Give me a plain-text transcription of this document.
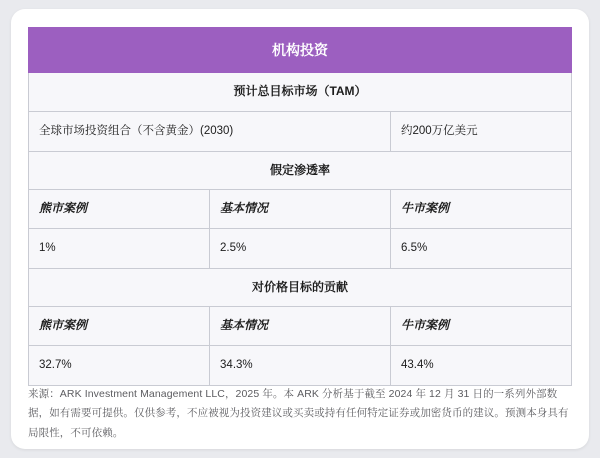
机构投资		
预计总目标市场（TAM）		
全球市场投资组合（不含黄金）(2030)		约200万亿美元
假定渗透率		
熊市案例	基本情况	牛市案例
1%	2.5%	6.5%
对价格目标的贡献		
熊市案例	基本情况	牛市案例
32.7%	34.3%	43.4%
来源：ARK Investment Management LLC，2025 年。本 ARK 分析基于截至 2024 年 12 月 31 日的一系列外部数据，如有需要可提供。仅供参考，不应被视为投资建议或买卖或持有任何特定证券或加密货币的建议。预测本身具有局限性，不可依赖。
